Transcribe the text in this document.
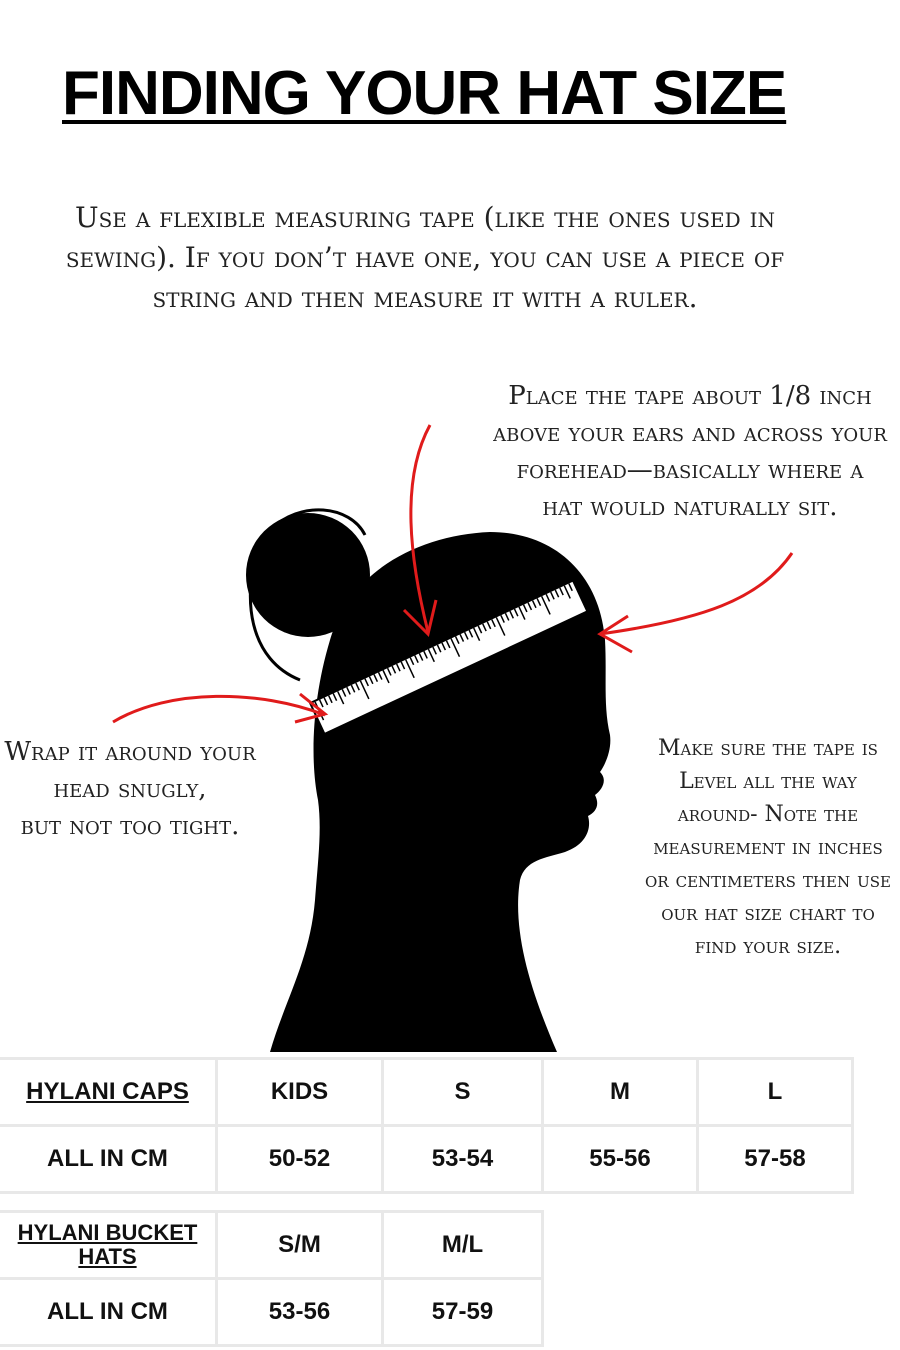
FINDING YOUR HAT SIZE

Use a flexible measuring tape (like the ones used in
sewing). If you don’t have one, you can use a piece of
string and then measure it with a ruler.

Place the tape about 1/8 inch
above your ears and across your
forehead—basically where a
hat would naturally sit.

Wrap it around your
head snugly,
but not too tight.

Make sure the tape is
Level all the way
around- Note the
measurement in inches
or centimeters then use
our hat size chart to
find your size.

HYLANI CAPS	KIDS	S	M	L
ALL IN CM	50-52	53-54	55-56	57-58
HYLANI BUCKET
HATS	S/M	M/L
ALL IN CM	53-56	57-59
